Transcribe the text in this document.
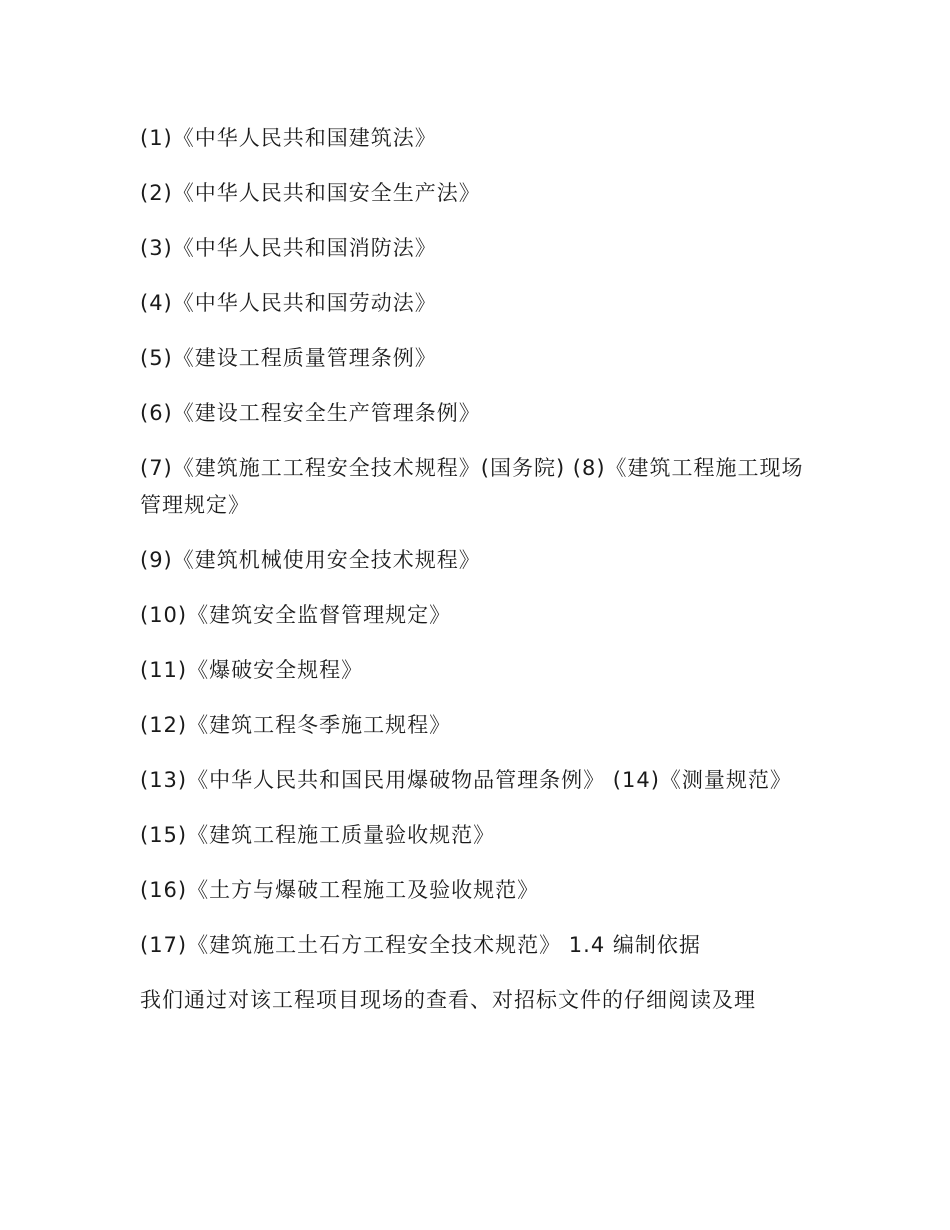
(1)《中华人民共和国建筑法》

(2)《中华人民共和国安全生产法》

(3)《中华人民共和国消防法》

(4)《中华人民共和国劳动法》

(5)《建设工程质量管理条例》

(6)《建设工程安全生产管理条例》

(7)《建筑施工工程安全技术规程》(国务院) (8)《建筑工程施工现场管理规定》

(9)《建筑机械使用安全技术规程》

(10)《建筑安全监督管理规定》

(11)《爆破安全规程》

(12)《建筑工程冬季施工规程》

(13)《中华人民共和国民用爆破物品管理条例》 (14)《测量规范》

(15)《建筑工程施工质量验收规范》

(16)《土方与爆破工程施工及验收规范》

(17)《建筑施工土石方工程安全技术规范》 1.4 编制依据

我们通过对该工程项目现场的查看、对招标文件的仔细阅读及理
